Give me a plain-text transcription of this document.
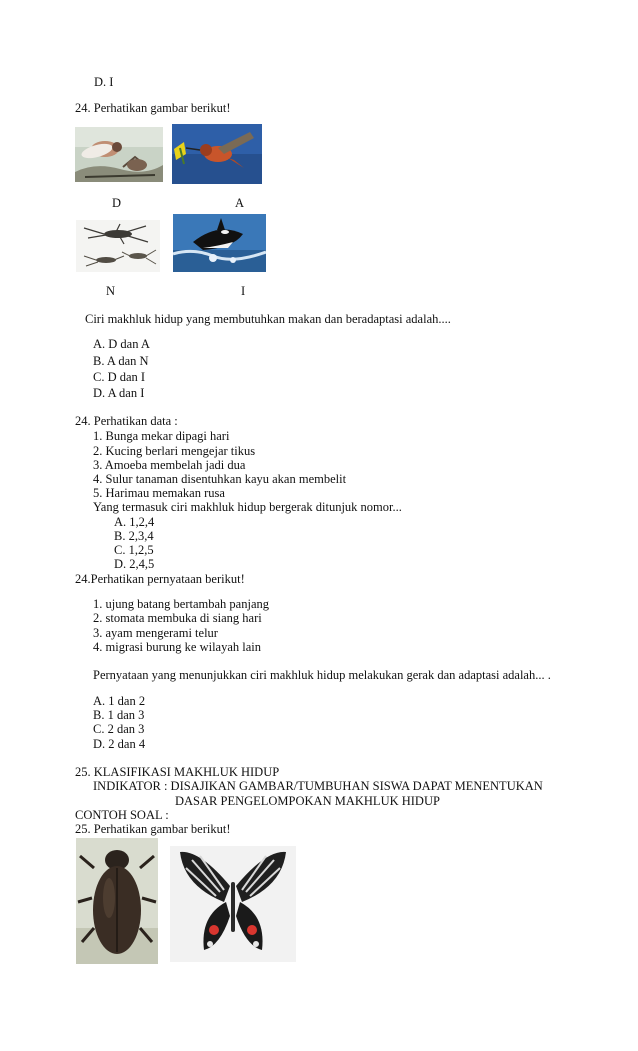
D. I
24. Perhatikan gambar berikut!
D	A
N	I
Ciri makhluk hidup yang membutuhkan makan dan beradaptasi adalah....
A. D dan A
B. A dan N
C. D dan I
D. A dan I
24. Perhatikan data :
1. Bunga mekar dipagi hari
2. Kucing berlari mengejar tikus
3. Amoeba membelah jadi dua
4. Sulur tanaman disentuhkan kayu akan membelit
5. Harimau memakan rusa
Yang termasuk ciri makhluk hidup bergerak ditunjuk nomor...
A. 1,2,4
B. 2,3,4
C. 1,2,5
D. 2,4,5
24.Perhatikan pernyataan berikut!
1. ujung batang bertambah panjang
2. stomata membuka di siang hari
3. ayam mengerami telur
4. migrasi burung ke wilayah lain
Pernyataan yang menunjukkan ciri makhluk hidup melakukan gerak dan adaptasi adalah... .
A. 1 dan 2
B. 1 dan 3
C. 2 dan 3
D. 2 dan 4
25. KLASIFIKASI MAKHLUK HIDUP
INDIKATOR : DISAJIKAN GAMBAR/TUMBUHAN SISWA DAPAT MENENTUKAN
DASAR PENGELOMPOKAN MAKHLUK HIDUP
CONTOH SOAL :
25. Perhatikan gambar berikut!
